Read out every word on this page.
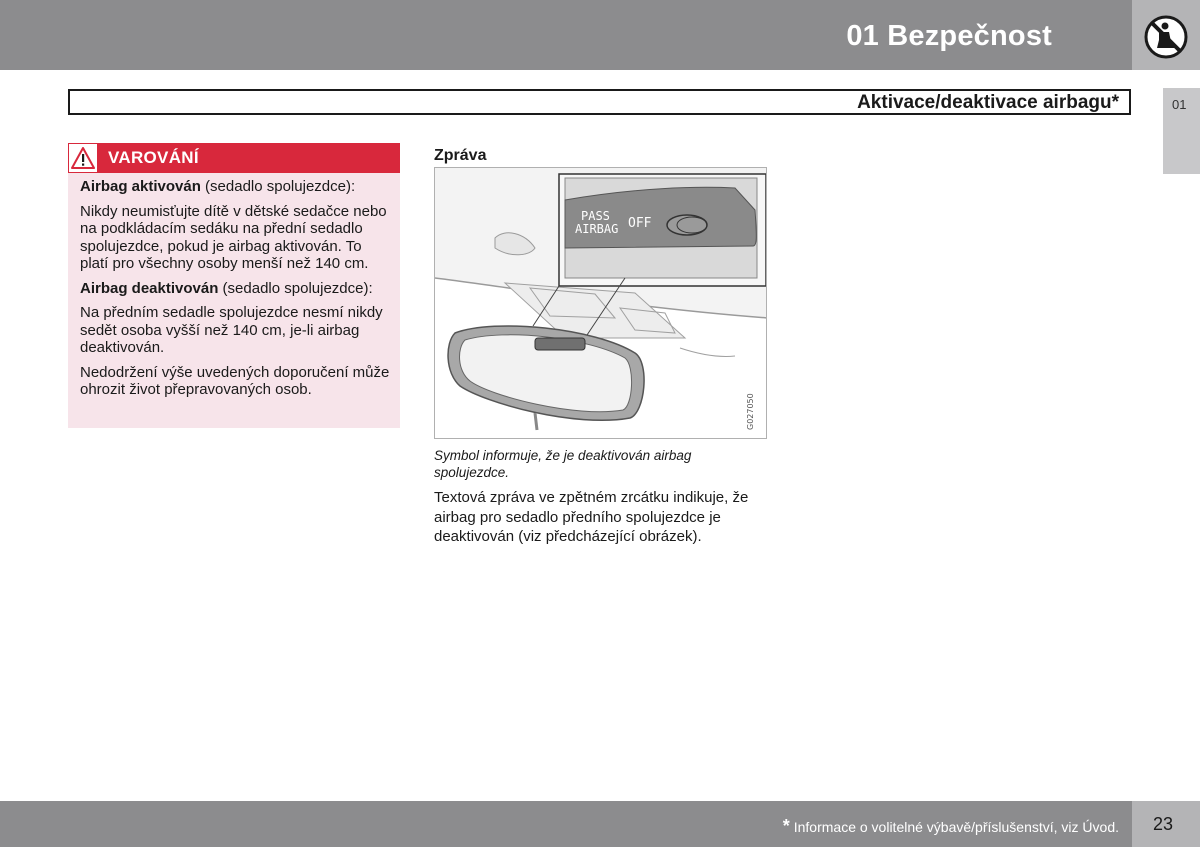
01 Bezpečnost
Aktivace/deaktivace airbagu*	01
VAROVÁNÍ

Airbag aktivován (sedadlo spolujezdce):

Nikdy neumisťujte dítě v dětské sedačce nebo na podkládacím sedáku na přední sedadlo spolujezdce, pokud je airbag aktivován. To platí pro všechny osoby menší než 140 cm.

Airbag deaktivován (sedadlo spolujezdce):

Na předním sedadle spolujezdce nesmí nikdy sedět osoba vyšší než 140 cm, je-li airbag deaktivován.

Nedodržení výše uvedených doporučení může ohrozit život přepravovaných osob.

Zpráva
PASS
AIRBAG OFF
G027050
Symbol informuje, že je deaktivován airbag spolujezdce.
Textová zpráva ve zpětném zrcátku indikuje, že airbag pro sedadlo předního spolujezdce je deaktivován (viz předcházející obrázek).
* Informace o volitelné výbavě/příslušenství, viz Úvod. 23
